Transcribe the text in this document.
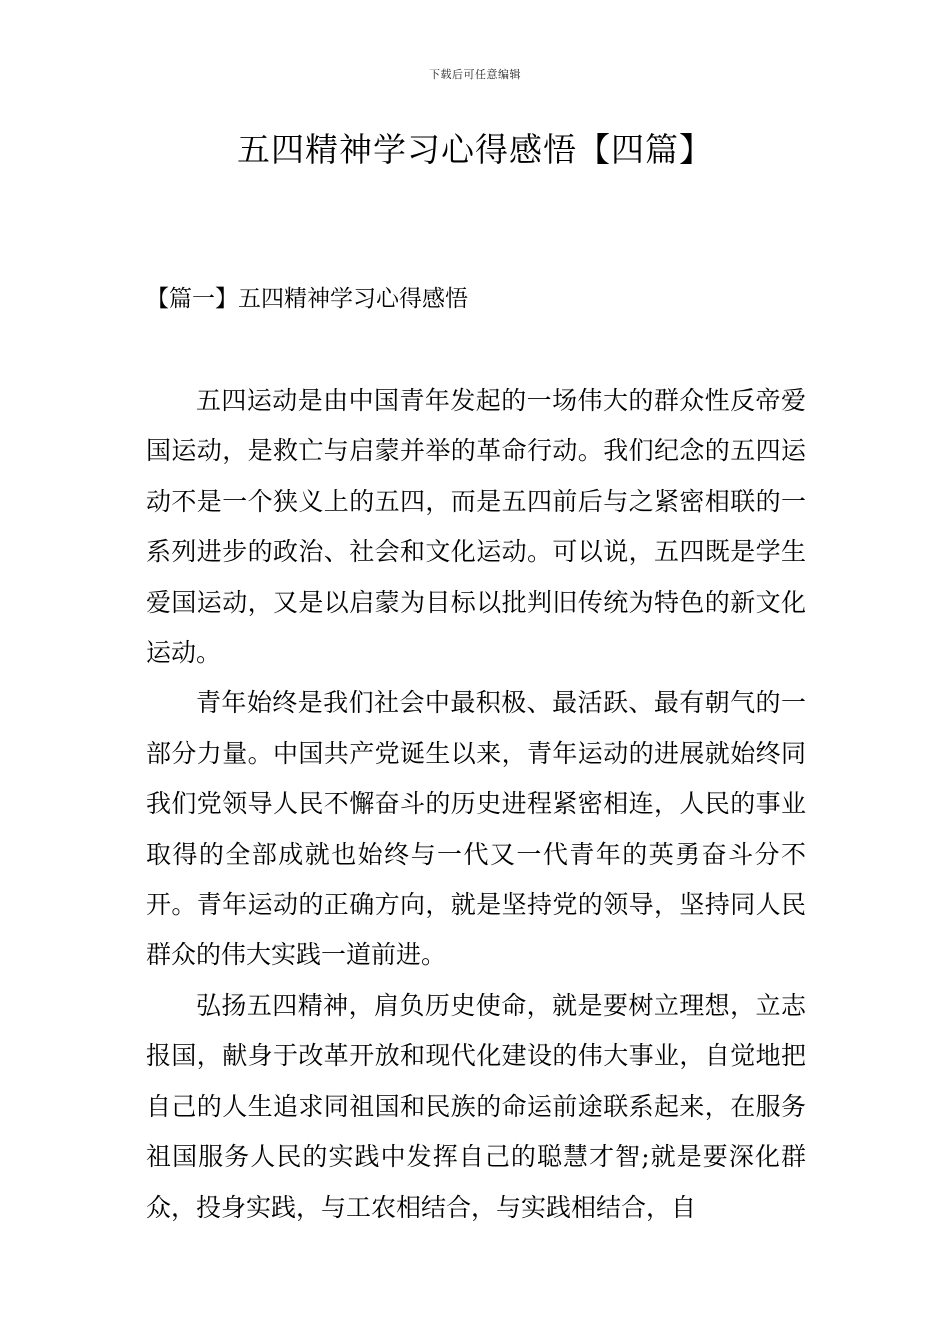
下载后可任意编辑
五四精神学习心得感悟【四篇】
【篇一】五四精神学习心得感悟

五四运动是由中国青年发起的一场伟大的群众性反帝爱国运动，是救亡与启蒙并举的革命行动。我们纪念的五四运动不是一个狭义上的五四，而是五四前后与之紧密相联的一系列进步的政治、社会和文化运动。可以说，五四既是学生爱国运动，又是以启蒙为目标以批判旧传统为特色的新文化运动。

青年始终是我们社会中最积极、最活跃、最有朝气的一部分力量。中国共产党诞生以来，青年运动的进展就始终同我们党领导人民不懈奋斗的历史进程紧密相连，人民的事业取得的全部成就也始终与一代又一代青年的英勇奋斗分不开。青年运动的正确方向，就是坚持党的领导，坚持同人民群众的伟大实践一道前进。

弘扬五四精神，肩负历史使命，就是要树立理想，立志报国，献身于改革开放和现代化建设的伟大事业，自觉地把自己的人生追求同祖国和民族的命运前途联系起来，在服务祖国服务人民的实践中发挥自己的聪慧才智;就是要深化群众，投身实践，与工农相结合，与实践相结合，自
